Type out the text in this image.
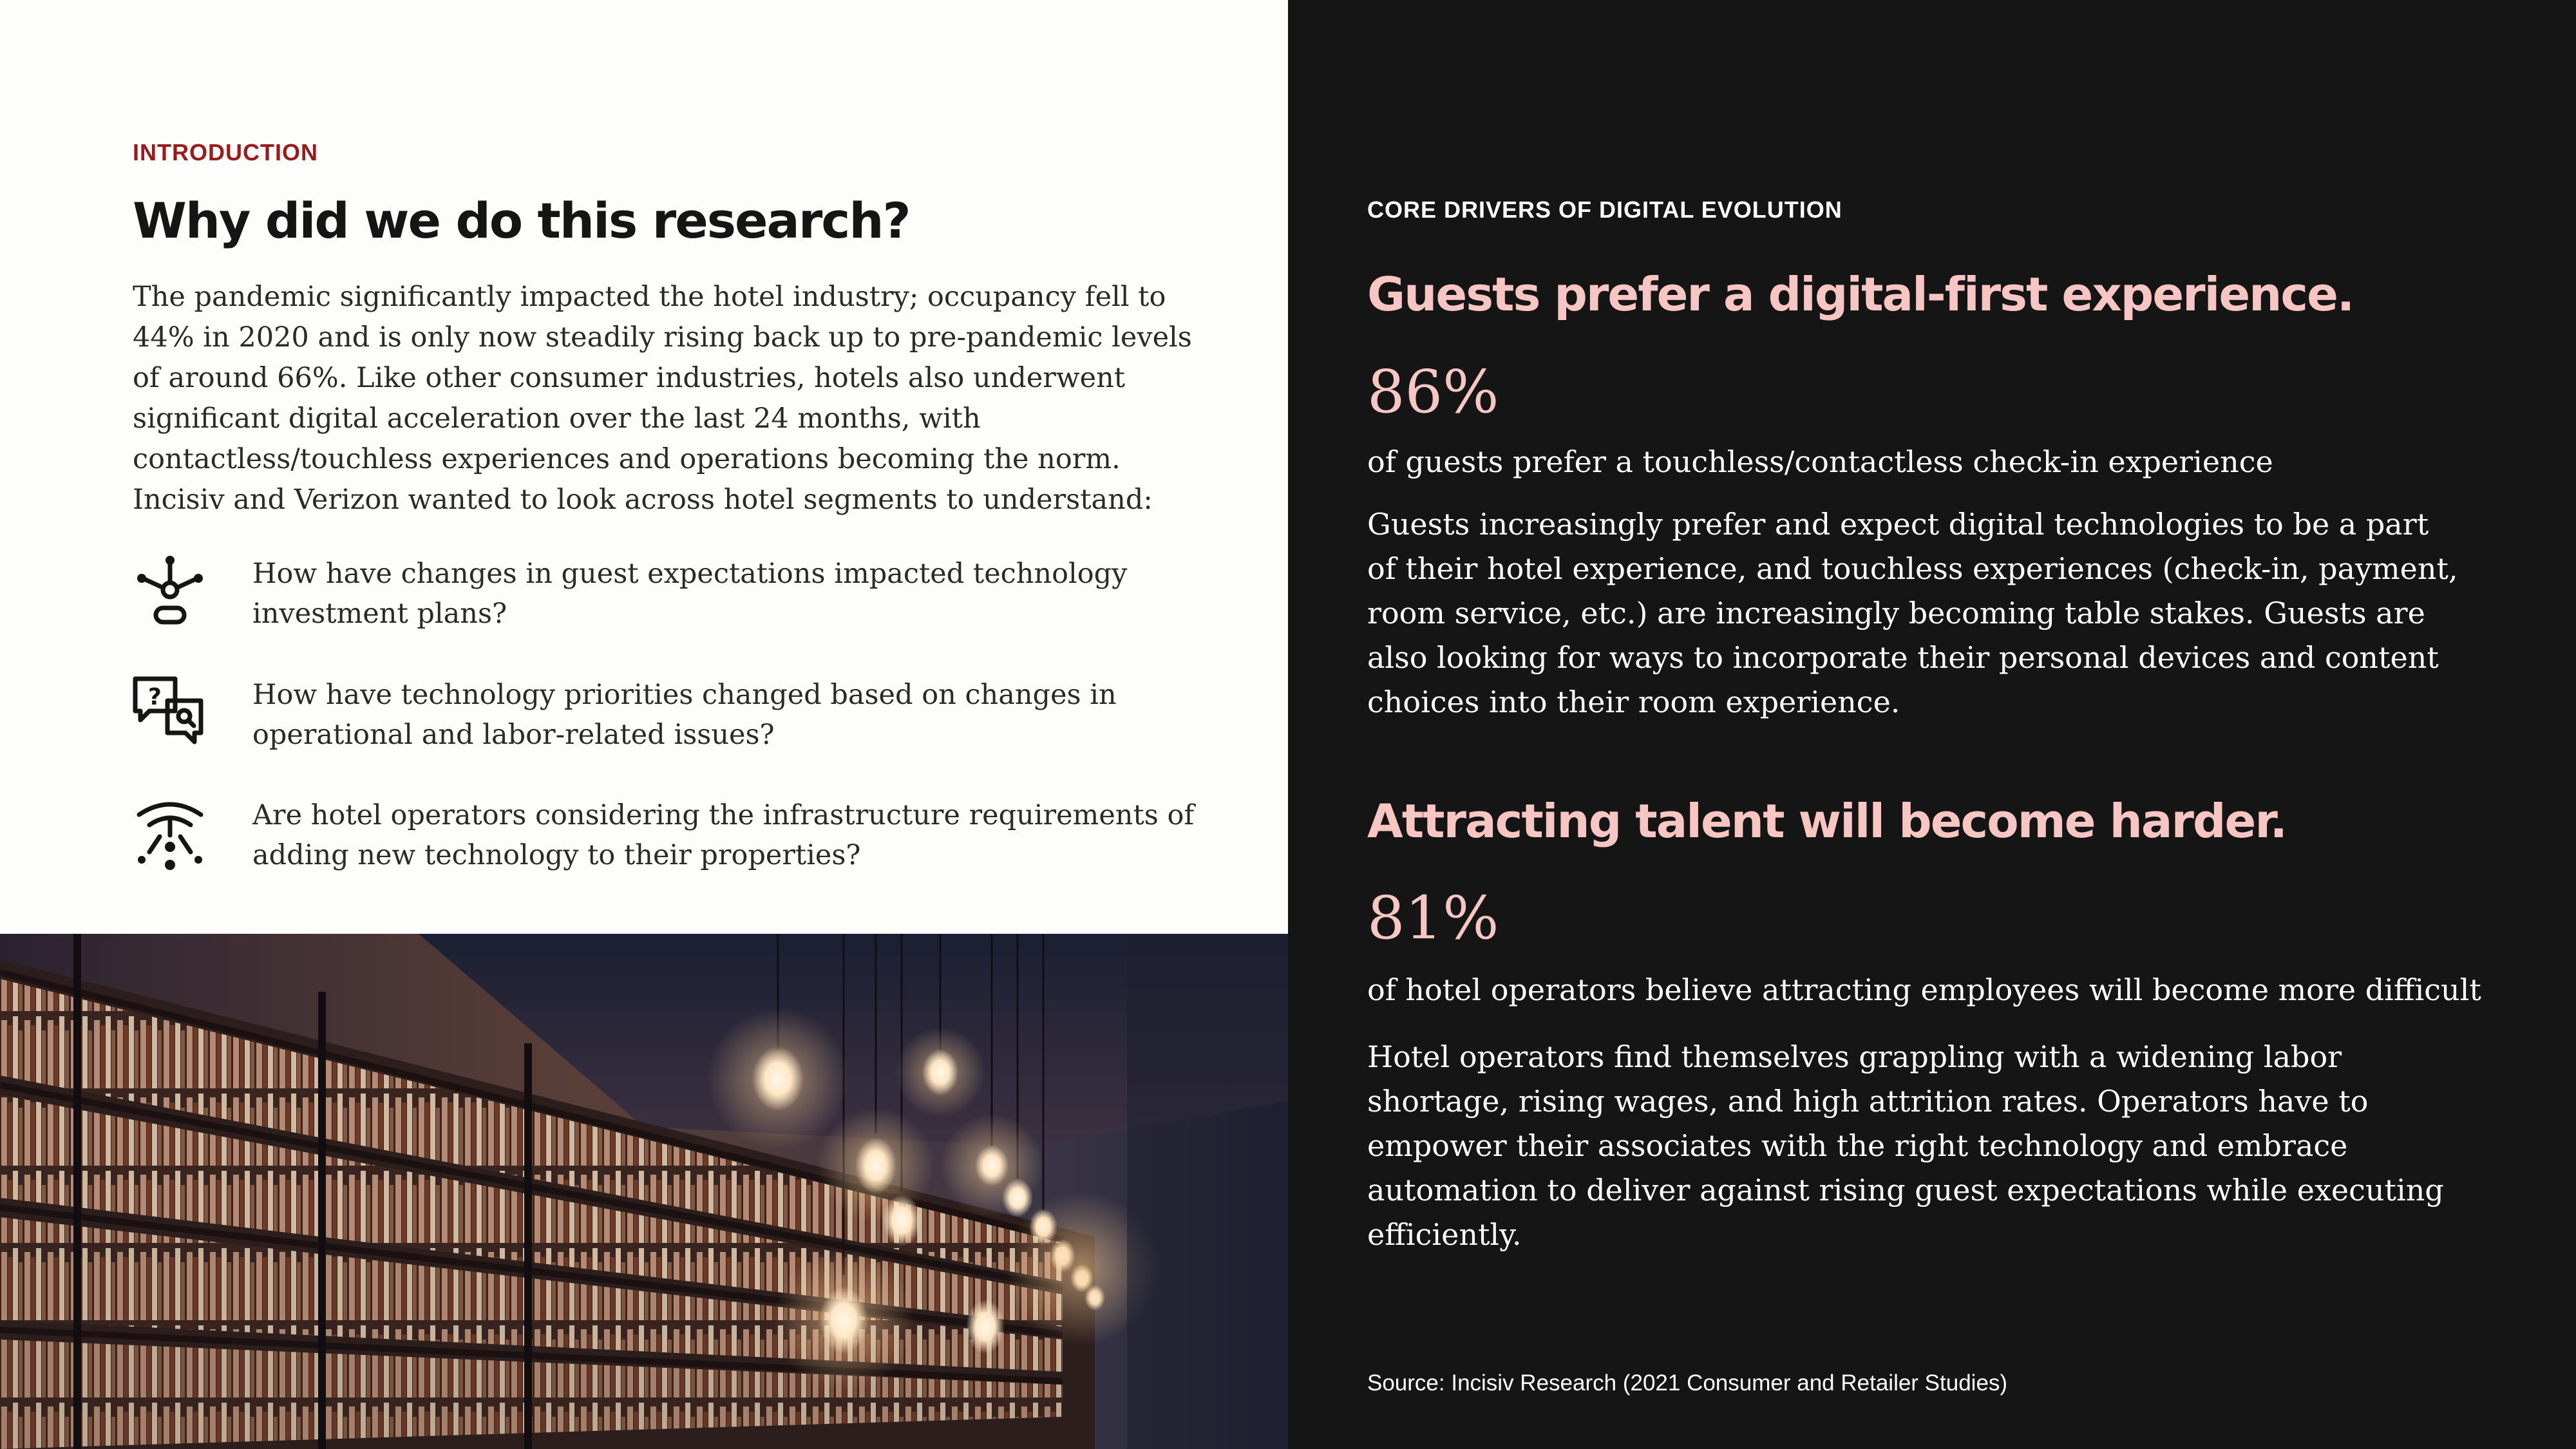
INTRODUCTION
Why did we do this research?
The pandemic significantly impacted the hotel industry; occupancy fell to 44% in 2020 and is only now steadily rising back up to pre-pandemic levels of around 66%. Like other consumer industries, hotels also underwent significant digital acceleration over the last 24 months, with contactless/touchless experiences and operations becoming the norm. Incisiv and Verizon wanted to look across hotel segments to understand:
How have changes in guest expectations impacted technology investment plans?
?	How have technology priorities changed based on changes in operational and labor-related issues?
Are hotel operators considering the infrastructure requirements of adding new technology to their properties?
CORE DRIVERS OF DIGITAL EVOLUTION
Guests prefer a digital-first experience.
86%
of guests prefer a touchless/contactless check-in experience
Guests increasingly prefer and expect digital technologies to be a part of their hotel experience, and touchless experiences (check-in, payment, room service, etc.) are increasingly becoming table stakes. Guests are also looking for ways to incorporate their personal devices and content choices into their room experience.
Attracting talent will become harder.
81%
of hotel operators believe attracting employees will become more difficult
Hotel operators find themselves grappling with a widening labor shortage, rising wages, and high attrition rates. Operators have to empower their associates with the right technology and embrace automation to deliver against rising guest expectations while executing efficiently.
Source: Incisiv Research (2021 Consumer and Retailer Studies)
